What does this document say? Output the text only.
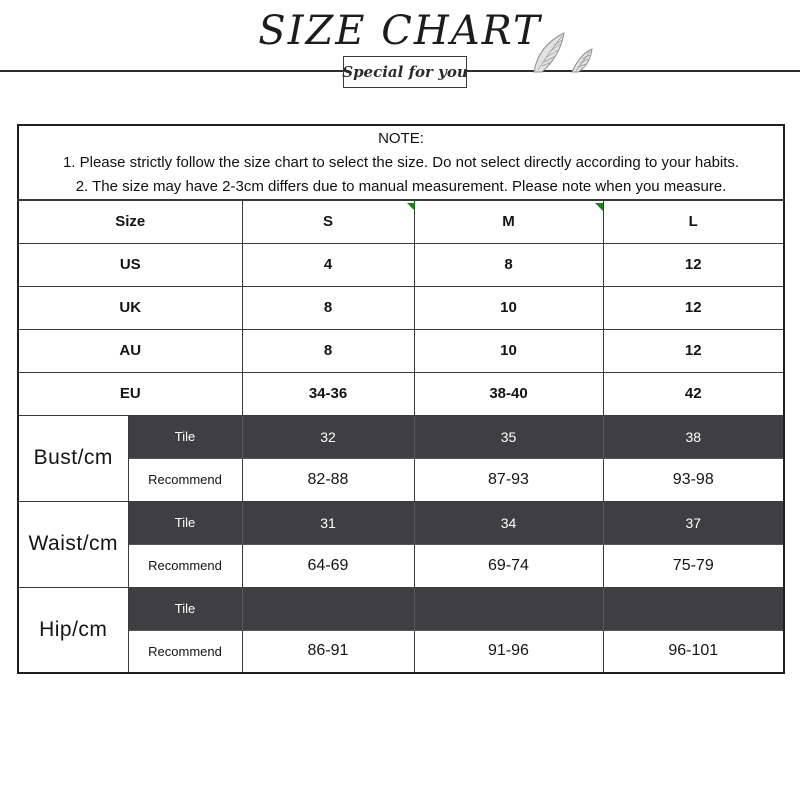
SIZE CHART
Special for you
NOTE:
1. Please strictly follow the size chart to select the size. Do not select directly according to your habits.
2. The size may have 2-3cm differs due to manual measurement. Please note when you measure.				

Size		S	M	L
US		4	8	12
UK		8	10	12
AU		8	10	12
EU		34-36	38-40	42
Bust/cm	Tile	32	35	38
	Recommend	82-88	87-93	93-98
Waist/cm	Tile	31	34	37
	Recommend	64-69	69-74	75-79
Hip/cm	Tile			
	Recommend	86-91	91-96	96-101
